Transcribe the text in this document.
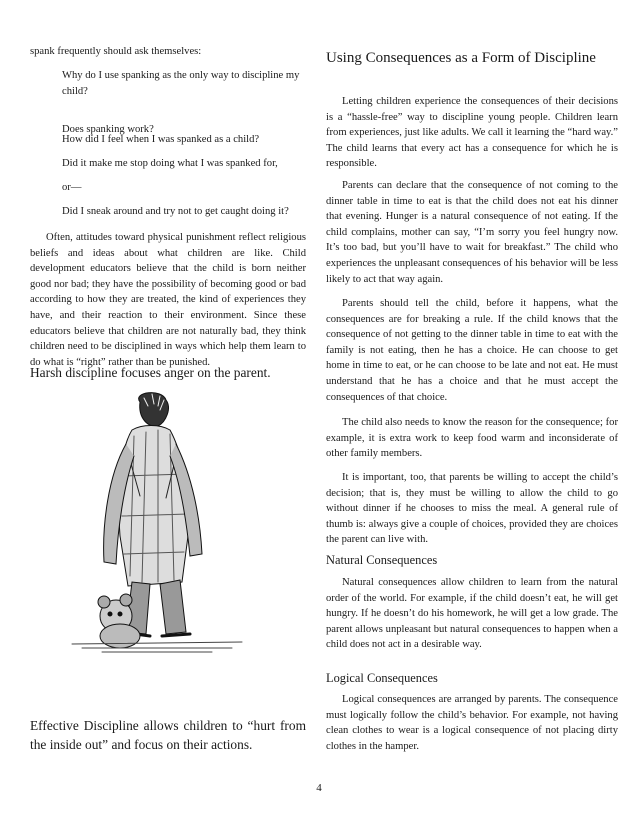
spank frequently should ask themselves:

Why do I use spanking as the only way to discipline my child?

Does spanking work?

How did I feel when I was spanked as a child?

Did it make me stop doing what I was spanked for,

or—

Did I sneak around and try not to get caught doing it?

Often, attitudes toward physical punishment reflect religious beliefs and ideas about what children are like. Child development educators believe that the child is born neither good nor bad; they have the possibility of becoming good or bad according to how they are treated, the kind of experiences they have, and their reaction to their environment. Since these educators believe that children are not naturally bad, they think children need to be disciplined in ways which help them learn to do what is “right” rather than be punished.

Harsh discipline focuses anger on the parent.

Effective Discipline allows children to “hurt from the inside out” and focus on their actions.

Using Consequences as a Form of Discipline

Letting children experience the consequences of their decisions is a “hassle-free” way to discipline young people. Children learn from experiences, just like adults. We call it learning the “hard way.” The child learns that every act has a consequence for which he is responsible.

Parents can declare that the consequence of not coming to the dinner table in time to eat is that the child does not eat his dinner that evening. Hunger is a natural consequence of not eating. If the child complains, mother can say, “I’m sorry you feel hungry now. It’s too bad, but you’ll have to wait for breakfast.” The child who experiences the unpleasant consequences of his behavior will be less likely to act that way again.

Parents should tell the child, before it happens, what the consequences are for breaking a rule. If the child knows that the consequence of not getting to the dinner table in time to eat with the family is not eating, then he has a choice. He can choose to get home in time to eat, or he can choose to be late and not eat. He must understand that he has a choice and that he must accept the consequences of that choice.

The child also needs to know the reason for the consequence; for example, it is extra work to keep food warm and inconsiderate of other family members.

It is important, too, that parents be willing to accept the child’s decision; that is, they must be willing to allow the child to go without dinner if he chooses to miss the meal. A general rule of thumb is: always give a couple of choices, provided they are choices the parent can live with.

Natural Consequences

Natural consequences allow children to learn from the natural order of the world. For example, if the child doesn’t eat, he will get hungry. If he doesn’t do his homework, he will get a low grade. The parent allows unpleasant but natural consequences to happen when a child does not act in a desirable way.

Logical Consequences

Logical consequences are arranged by parents. The consequence must logically follow the child’s behavior. For example, not having clean clothes to wear is a logical consequence of not placing dirty clothes in the hamper.

4
